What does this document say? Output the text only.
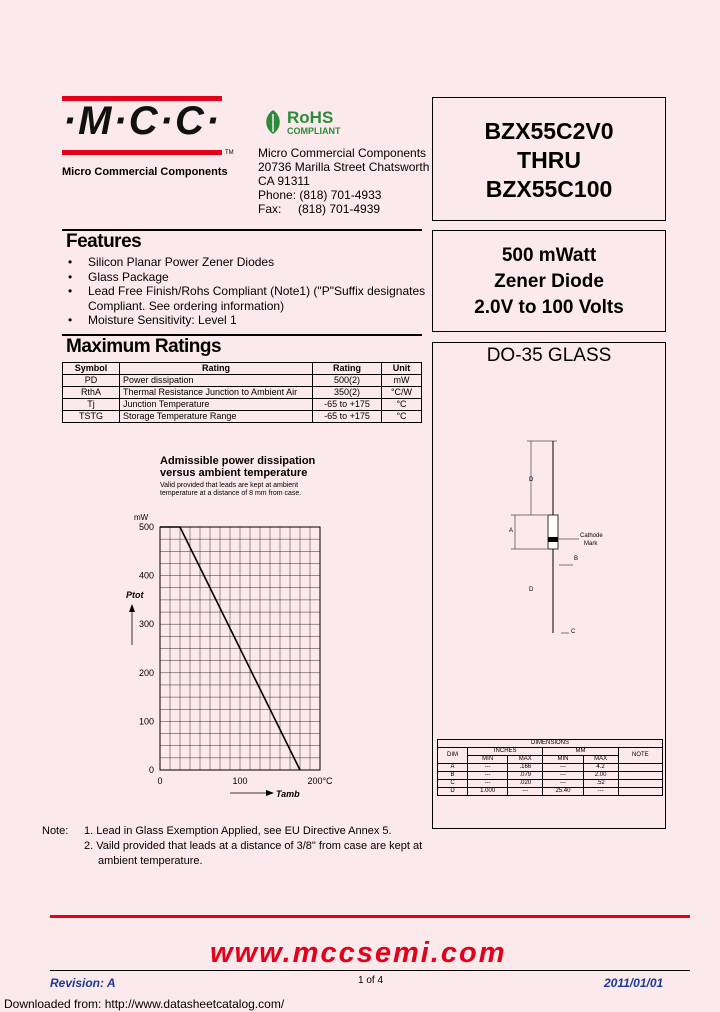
·M·C·C·
TM
Micro Commercial Components
RoHS
COMPLIANT
Micro Commercial Components
20736 Marilla Street Chatsworth
CA 91311
Phone: (818) 701-4933
Fax:     (818) 701-4939
BZX55C2V0
THRU
BZX55C100
500 mWatt
Zener Diode
2.0V to 100 Volts
DO-35 GLASS
D
A
Cathode
Mark
B
D
C
DIMENSIONS					
DIM	INCHES		MM		NOTE
	MIN	MAX	MIN	MAX	
A	---	.166	---	4.2	
B	---	.079	---	2.00	
C	---	.020	---	.52	
D	1.000	---	25.40	---	
Features
• Silicon Planar Power Zener Diodes
• Glass Package
• Lead Free Finish/Rohs Compliant (Note1) ("P"Suffix designates Compliant. See ordering information)
• Moisture Sensitivity: Level 1
Maximum Ratings
Symbol	Rating	Rating	Unit
PD	Power dissipation	500(2)	mW
RthA	Thermal Resistance Junction to Ambient Air	350(2)	°C/W
Tj	Junction Temperature	-65 to +175	°C
TSTG	Storage Temperature Range	-65 to +175	°C
Admissible power dissipation versus ambient temperature
Valid provided that leads are kept at ambient temperature at a distance of 8 mm from case.
0
100
200
300
400
500
0	100	200°C
mW
Ptot
Tamb
Note: 1. Lead in Glass Exemption Applied, see EU Directive Annex 5.
2. Vaild provided that leads at a distance of 3/8" from case are kept at
ambient temperature.
www.mccsemi.com
Revision: A	1 of 4	2011/01/01
Downloaded from: http://www.datasheetcatalog.com/
